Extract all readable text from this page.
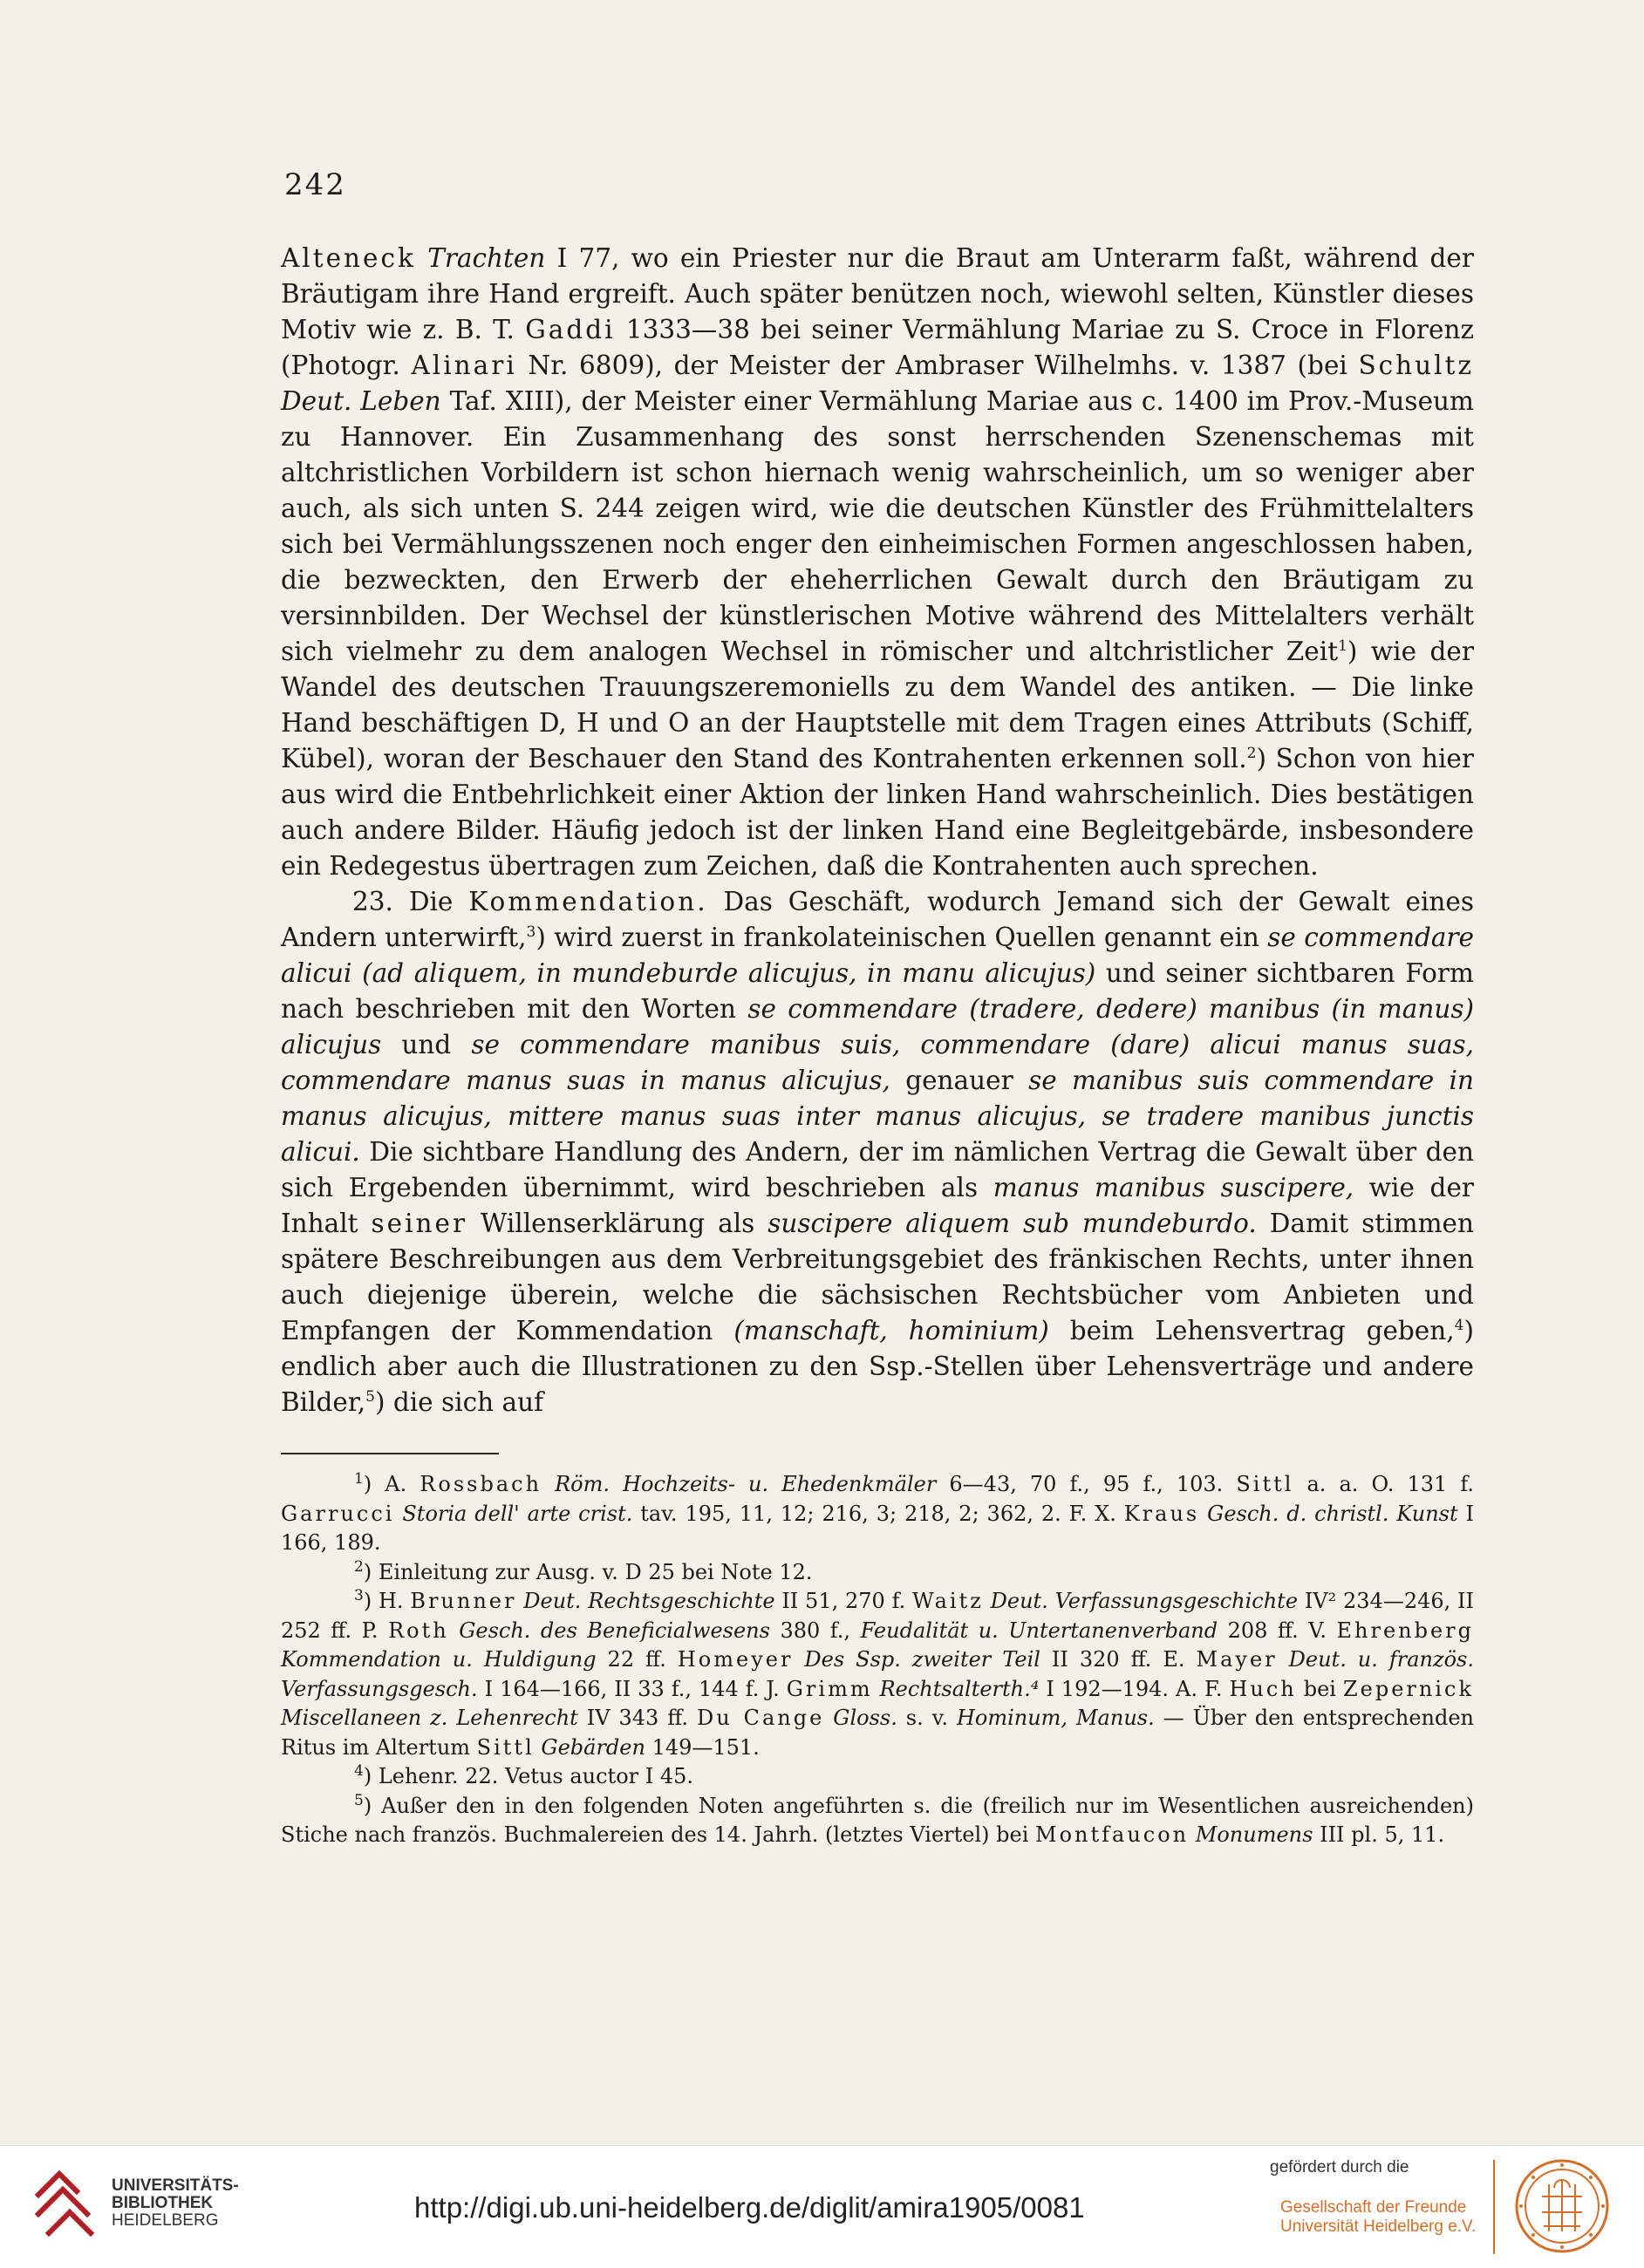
242

Alteneck Trachten I 77, wo ein Priester nur die Braut am Unterarm faßt, während der Bräutigam ihre Hand ergreift. Auch später benützen noch, wiewohl selten, Künstler dieses Motiv wie z. B. T. Gaddi 1333—38 bei seiner Vermählung Mariae zu S. Croce in Florenz (Photogr. Alinari Nr. 6809), der Meister der Ambraser Wilhelmhs. v. 1387 (bei Schultz Deut. Leben Taf. XIII), der Meister einer Vermählung Mariae aus c. 1400 im Prov.-Museum zu Hannover. Ein Zusammenhang des sonst herrschenden Szenenschemas mit altchristlichen Vorbildern ist schon hiernach wenig wahrscheinlich, um so weniger aber auch, als sich unten S. 244 zeigen wird, wie die deutschen Künstler des Frühmittelalters sich bei Vermählungsszenen noch enger den einheimischen Formen angeschlossen haben, die bezweckten, den Erwerb der eheherrlichen Gewalt durch den Bräutigam zu versinnbilden. Der Wechsel der künstlerischen Motive während des Mittelalters verhält sich vielmehr zu dem analogen Wechsel in römischer und altchristlicher Zeit$^1$) wie der Wandel des deutschen Trauungszeremoniells zu dem Wandel des antiken. — Die linke Hand beschäftigen D, H und O an der Hauptstelle mit dem Tragen eines Attributs (Schiff, Kübel), woran der Beschauer den Stand des Kontrahenten erkennen soll.$^2$) Schon von hier aus wird die Entbehrlichkeit einer Aktion der linken Hand wahrscheinlich. Dies bestätigen auch andere Bilder. Häufig jedoch ist der linken Hand eine Begleitgebärde, insbesondere ein Redegestus übertragen zum Zeichen, daß die Kontrahenten auch sprechen.

23. Die Kommendation. Das Geschäft, wodurch Jemand sich der Gewalt eines Andern unterwirft,$^3$) wird zuerst in frankolateinischen Quellen genannt ein se commendare alicui (ad aliquem, in mundeburde alicujus, in manu alicujus) und seiner sichtbaren Form nach beschrieben mit den Worten se commendare (tradere, dedere) manibus (in manus) alicujus und se commendare manibus suis, commendare (dare) alicui manus suas, commendare manus suas in manus alicujus, genauer se manibus suis commendare in manus alicujus, mittere manus suas inter manus alicujus, se tradere manibus junctis alicui. Die sichtbare Handlung des Andern, der im nämlichen Vertrag die Gewalt über den sich Ergebenden übernimmt, wird beschrieben als manus manibus suscipere, wie der Inhalt seiner Willenserklärung als suscipere aliquem sub mundeburdo. Damit stimmen spätere Beschreibungen aus dem Verbreitungsgebiet des fränkischen Rechts, unter ihnen auch diejenige überein, welche die sächsischen Rechtsbücher vom Anbieten und Empfangen der Kommendation (manschaft, hominium) beim Lehensvertrag geben,$^4$) endlich aber auch die Illustrationen zu den Ssp.-Stellen über Lehensverträge und andere Bilder,$^5$) die sich auf

$^1$) A. Rossbach Röm. Hochzeits- u. Ehedenkmäler 6—43, 70 f., 95 f., 103. Sittl a. a. O. 131 f. Garrucci Storia dell' arte crist. tav. 195, 11, 12; 216, 3; 218, 2; 362, 2. F. X. Kraus Gesch. d. christl. Kunst I 166, 189.

$^2$) Einleitung zur Ausg. v. D 25 bei Note 12.

$^3$) H. Brunner Deut. Rechtsgeschichte II 51, 270 f. Waitz Deut. Verfassungsgeschichte IV² 234—246, II 252 ff. P. Roth Gesch. des Beneficialwesens 380 f., Feudalität u. Untertanenverband 208 ff. V. Ehrenberg Kommendation u. Huldigung 22 ff. Homeyer Des Ssp. zweiter Teil II 320 ff. E. Mayer Deut. u. französ. Verfassungsgesch. I 164—166, II 33 f., 144 f. J. Grimm Rechtsalterth.⁴ I 192—194. A. F. Huch bei Zepernick Miscellaneen z. Lehenrecht IV 343 ff. Du Cange Gloss. s. v. Hominum, Manus. — Über den entsprechenden Ritus im Altertum Sittl Gebärden 149—151.

$^4$) Lehenr. 22. Vetus auctor I 45.

$^5$) Außer den in den folgenden Noten angeführten s. die (freilich nur im Wesentlichen ausreichenden) Stiche nach französ. Buchmalereien des 14. Jahrh. (letztes Viertel) bei Montfaucon Monumens III pl. 5, 11.

UNIVERSITÄTS-
BIBLIOTHEK
HEIDELBERG	http://digi.ub.uni-heidelberg.de/diglit/amira1905/0081
gefördert durch die
Gesellschaft der Freunde
Universität Heidelberg e.V.
